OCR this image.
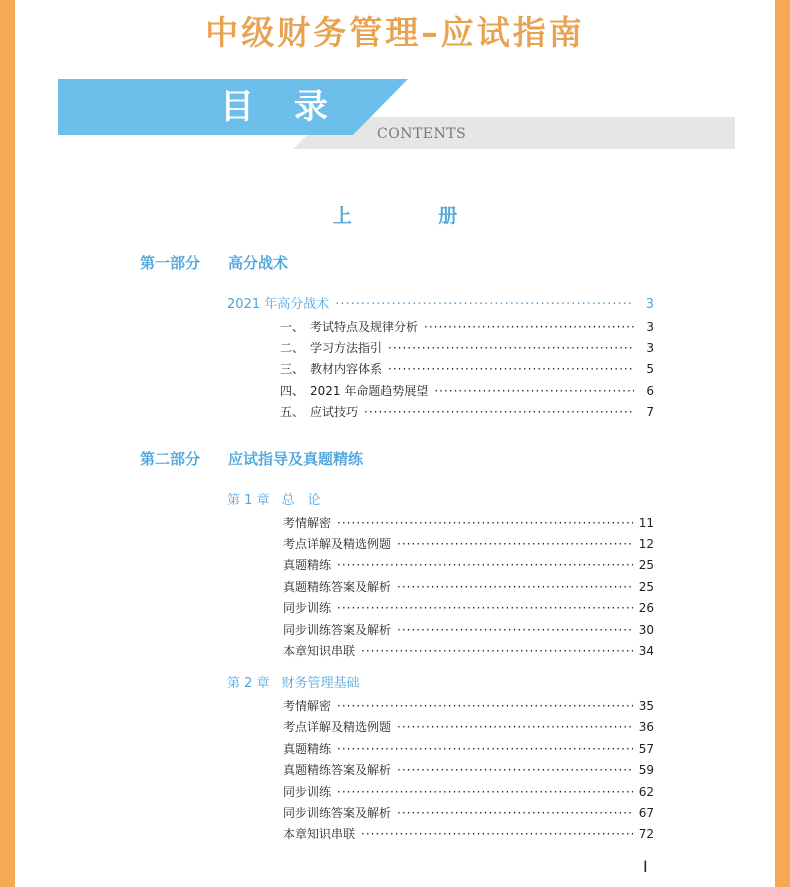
中级财务管理–应试指南
目 录
CONTENTS
上 册
第一部分 高分战术
2021 年高分战术 ·····	3
一、 考试特点及规律分析 ·····	3
二、 学习方法指引 ·····	3
三、 教材内容体系 ·····	5
四、 2021 年命题趋势展望 ·····	6
五、 应试技巧 ·····	7
第二部分 应试指导及真题精练
第 1 章 总　论
考情解密 ·····	11
考点详解及精选例题 ·····	12
真题精练 ·····	25
真题精练答案及解析 ·····	25
同步训练 ·····	26
同步训练答案及解析 ·····	30
本章知识串联 ·····	34
第 2 章 财务管理基础
考情解密 ·····	35
考点详解及精选例题 ·····	36
真题精练 ·····	57
真题精练答案及解析 ·····	59
同步训练 ·····	62
同步训练答案及解析 ·····	67
本章知识串联 ·····	72
I
